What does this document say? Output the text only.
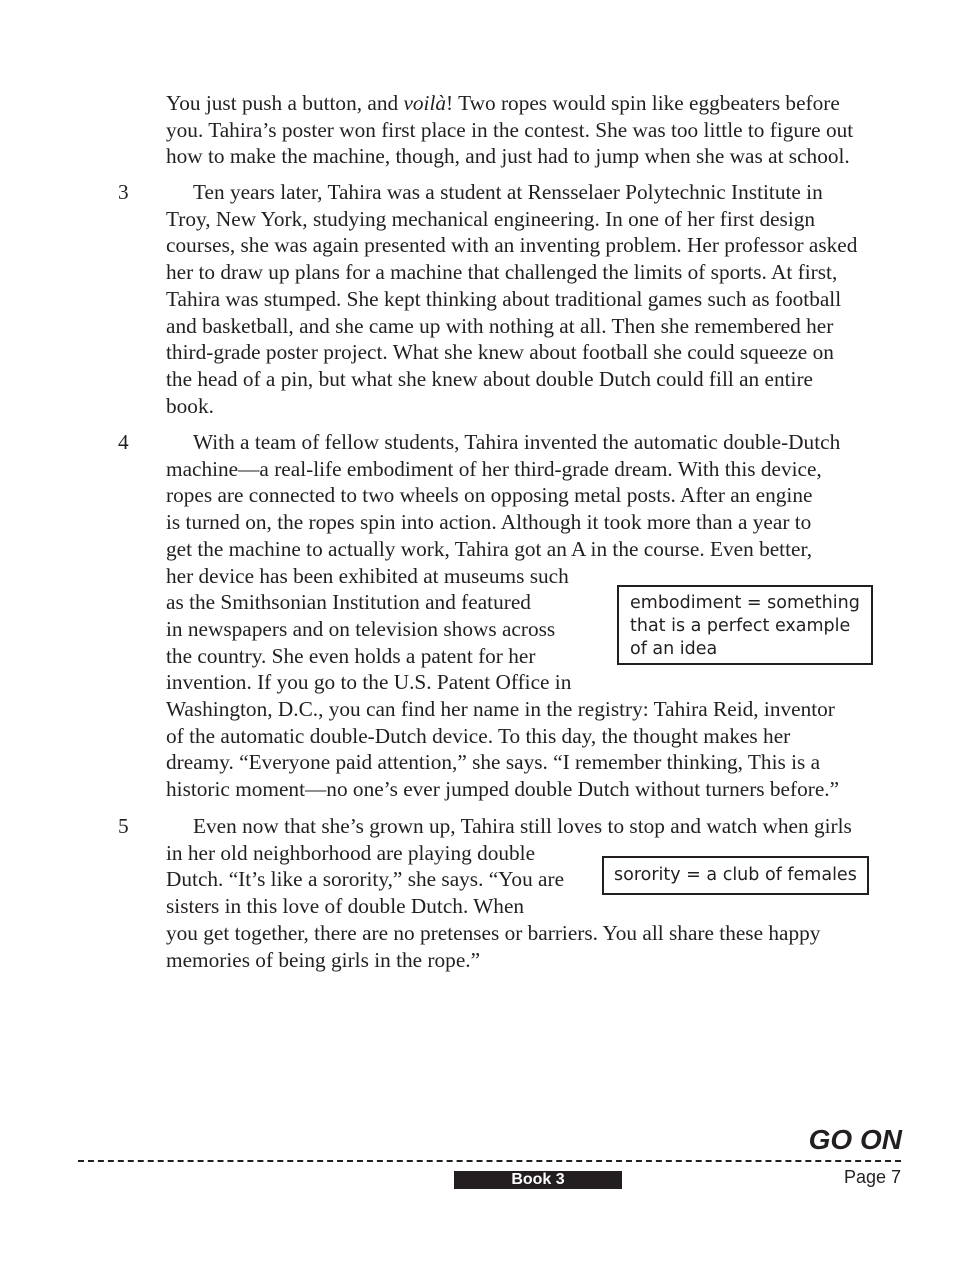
You just push a button, and voilà! Two ropes would spin like eggbeaters before
you. Tahira’s poster won first place in the contest. She was too little to figure out
how to make the machine, though, and just had to jump when she was at school.
3	Ten years later, Tahira was a student at Rensselaer Polytechnic Institute in
Troy, New York, studying mechanical engineering. In one of her first design
courses, she was again presented with an inventing problem. Her professor asked
her to draw up plans for a machine that challenged the limits of sports. At first,
Tahira was stumped. She kept thinking about traditional games such as football
and basketball, and she came up with nothing at all. Then she remembered her
third-grade poster project. What she knew about football she could squeeze on
the head of a pin, but what she knew about double Dutch could fill an entire
book.
4	With a team of fellow students, Tahira invented the automatic double-Dutch
machine—a real-life embodiment of her third-grade dream. With this device,
ropes are connected to two wheels on opposing metal posts. After an engine
is turned on, the ropes spin into action. Although it took more than a year to
get the machine to actually work, Tahira got an A in the course. Even better,
her device has been exhibited at museums such
as the Smithsonian Institution and featured
in newspapers and on television shows across
the country. She even holds a patent for her
invention. If you go to the U.S. Patent Office in
Washington, D.C., you can find her name in the registry: Tahira Reid, inventor
of the automatic double-Dutch device. To this day, the thought makes her
dreamy. “Everyone paid attention,” she says. “I remember thinking, This is a
historic moment—no one’s ever jumped double Dutch without turners before.”
embodiment = something
that is a perfect example
of an idea
5	Even now that she’s grown up, Tahira still loves to stop and watch when girls
in her old neighborhood are playing double
Dutch. “It’s like a sorority,” she says. “You are
sisters in this love of double Dutch. When
you get together, there are no pretenses or barriers. You all share these happy
memories of being girls in the rope.”
sorority = a club of females
GO ON
Book 3	Page 7
